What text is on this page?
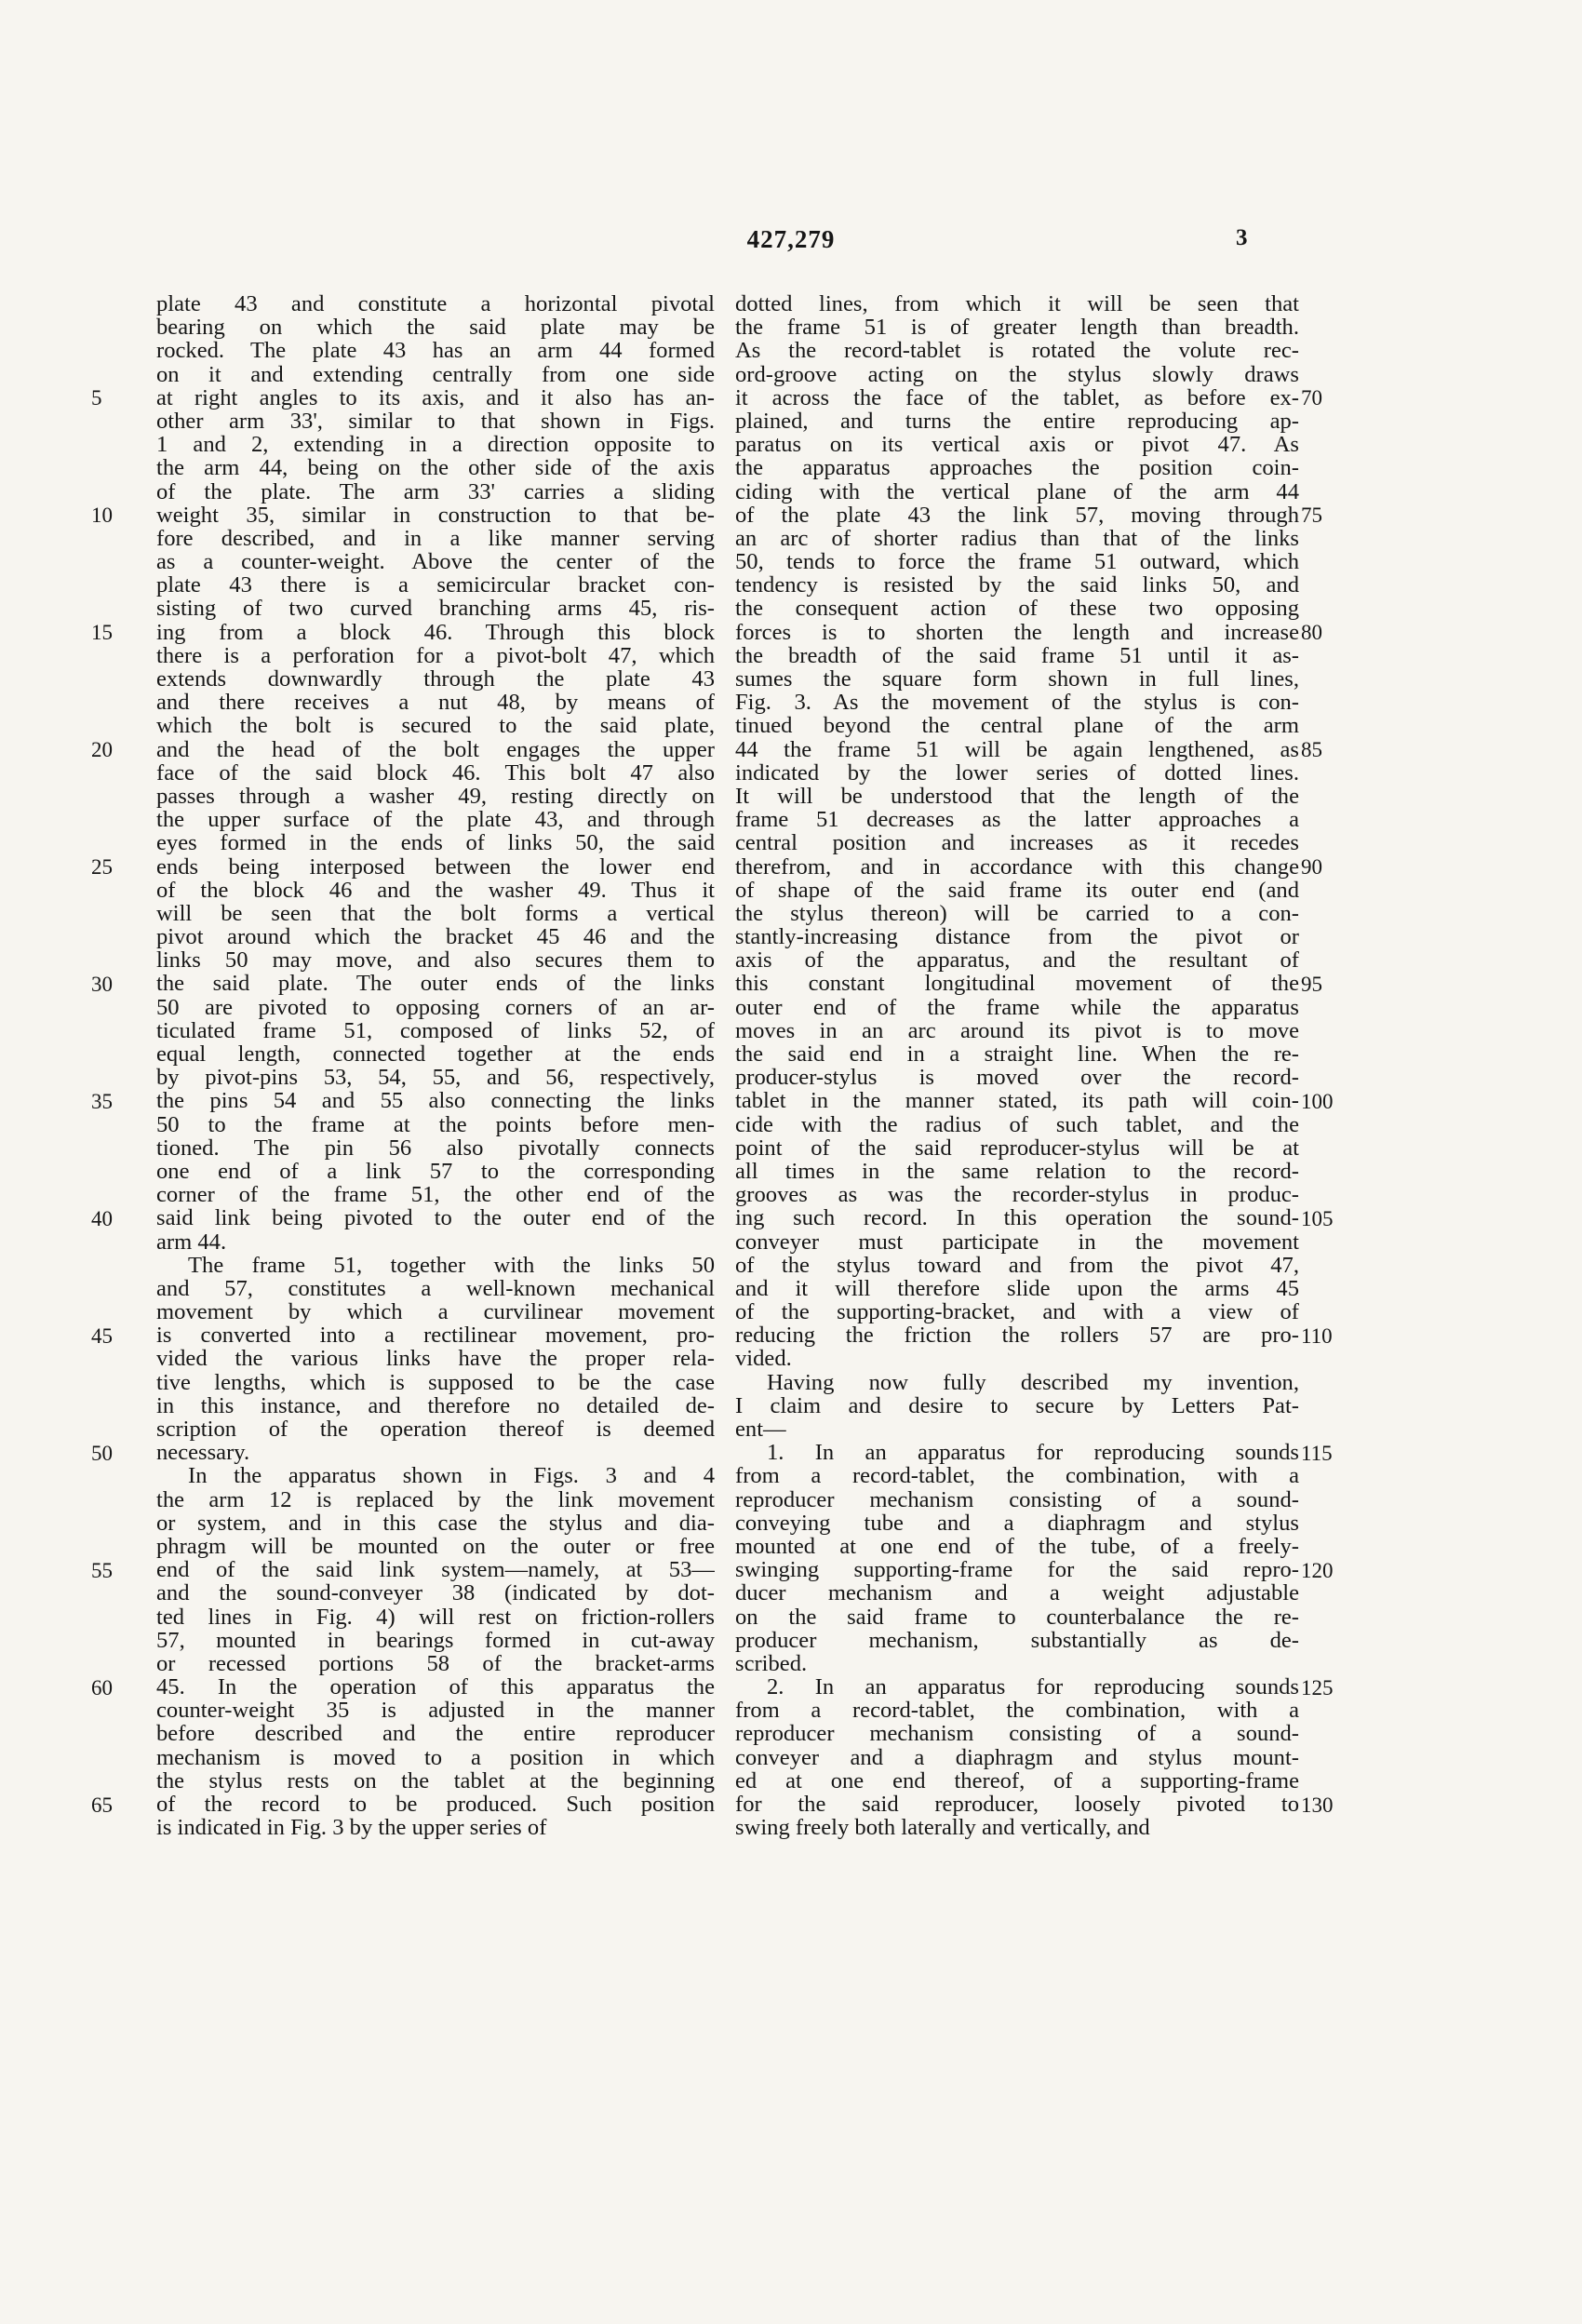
427,279	3
5
10
15
20
25
30
35
40
45
50
55
60
65
plate 43 and constitute a horizontal pivotal
bearing on which the said plate may be
rocked. The plate 43 has an arm 44 formed
on it and extending centrally from one side
at right angles to its axis, and it also has an-
other arm 33', similar to that shown in Figs.
1 and 2, extending in a direction opposite to
the arm 44, being on the other side of the axis
of the plate. The arm 33' carries a sliding
weight 35, similar in construction to that be-
fore described, and in a like manner serving
as a counter-weight. Above the center of the
plate 43 there is a semicircular bracket con-
sisting of two curved branching arms 45, ris-
ing from a block 46. Through this block
there is a perforation for a pivot-bolt 47, which
extends downwardly through the plate 43
and there receives a nut 48, by means of
which the bolt is secured to the said plate,
and the head of the bolt engages the upper
face of the said block 46. This bolt 47 also
passes through a washer 49, resting directly on
the upper surface of the plate 43, and through
eyes formed in the ends of links 50, the said
ends being interposed between the lower end
of the block 46 and the washer 49. Thus it
will be seen that the bolt forms a vertical
pivot around which the bracket 45 46 and the
links 50 may move, and also secures them to
the said plate. The outer ends of the links
50 are pivoted to opposing corners of an ar-
ticulated frame 51, composed of links 52, of
equal length, connected together at the ends
by pivot-pins 53, 54, 55, and 56, respectively,
the pins 54 and 55 also connecting the links
50 to the frame at the points before men-
tioned. The pin 56 also pivotally connects
one end of a link 57 to the corresponding
corner of the frame 51, the other end of the
said link being pivoted to the outer end of the
arm 44.
The frame 51, together with the links 50
and 57, constitutes a well-known mechanical
movement by which a curvilinear movement
is converted into a rectilinear movement, pro-
vided the various links have the proper rela-
tive lengths, which is supposed to be the case
in this instance, and therefore no detailed de-
scription of the operation thereof is deemed
necessary.
In the apparatus shown in Figs. 3 and 4
the arm 12 is replaced by the link movement
or system, and in this case the stylus and dia-
phragm will be mounted on the outer or free
end of the said link system—namely, at 53—
and the sound-conveyer 38 (indicated by dot-
ted lines in Fig. 4) will rest on friction-rollers
57, mounted in bearings formed in cut-away
or recessed portions 58 of the bracket-arms
45. In the operation of this apparatus the
counter-weight 35 is adjusted in the manner
before described and the entire reproducer
mechanism is moved to a position in which
the stylus rests on the tablet at the beginning
of the record to be produced. Such position
is indicated in Fig. 3 by the upper series of
dotted lines, from which it will be seen that
the frame 51 is of greater length than breadth.
As the record-tablet is rotated the volute rec-
ord-groove acting on the stylus slowly draws
it across the face of the tablet, as before ex-
plained, and turns the entire reproducing ap-
paratus on its vertical axis or pivot 47. As
the apparatus approaches the position coin-
ciding with the vertical plane of the arm 44
of the plate 43 the link 57, moving through
an arc of shorter radius than that of the links
50, tends to force the frame 51 outward, which
tendency is resisted by the said links 50, and
the consequent action of these two opposing
forces is to shorten the length and increase
the breadth of the said frame 51 until it as-
sumes the square form shown in full lines,
Fig. 3. As the movement of the stylus is con-
tinued beyond the central plane of the arm
44 the frame 51 will be again lengthened, as
indicated by the lower series of dotted lines.
It will be understood that the length of the
frame 51 decreases as the latter approaches a
central position and increases as it recedes
therefrom, and in accordance with this change
of shape of the said frame its outer end (and
the stylus thereon) will be carried to a con-
stantly-increasing distance from the pivot or
axis of the apparatus, and the resultant of
this constant longitudinal movement of the
outer end of the frame while the apparatus
moves in an arc around its pivot is to move
the said end in a straight line. When the re-
producer-stylus is moved over the record-
tablet in the manner stated, its path will coin-
cide with the radius of such tablet, and the
point of the said reproducer-stylus will be at
all times in the same relation to the record-
grooves as was the recorder-stylus in produc-
ing such record. In this operation the sound-
conveyer must participate in the movement
of the stylus toward and from the pivot 47,
and it will therefore slide upon the arms 45
of the supporting-bracket, and with a view of
reducing the friction the rollers 57 are pro-
vided.
Having now fully described my invention,
I claim and desire to secure by Letters Pat-
ent—
1. In an apparatus for reproducing sounds
from a record-tablet, the combination, with a
reproducer mechanism consisting of a sound-
conveying tube and a diaphragm and stylus
mounted at one end of the tube, of a freely-
swinging supporting-frame for the said repro-
ducer mechanism and a weight adjustable
on the said frame to counterbalance the re-
producer mechanism, substantially as de-
scribed.
2. In an apparatus for reproducing sounds
from a record-tablet, the combination, with a
reproducer mechanism consisting of a sound-
conveyer and a diaphragm and stylus mount-
ed at one end thereof, of a supporting-frame
for the said reproducer, loosely pivoted to
swing freely both laterally and vertically, and
70
75
80
85
90
95
100
105
110
115
120
125
130
